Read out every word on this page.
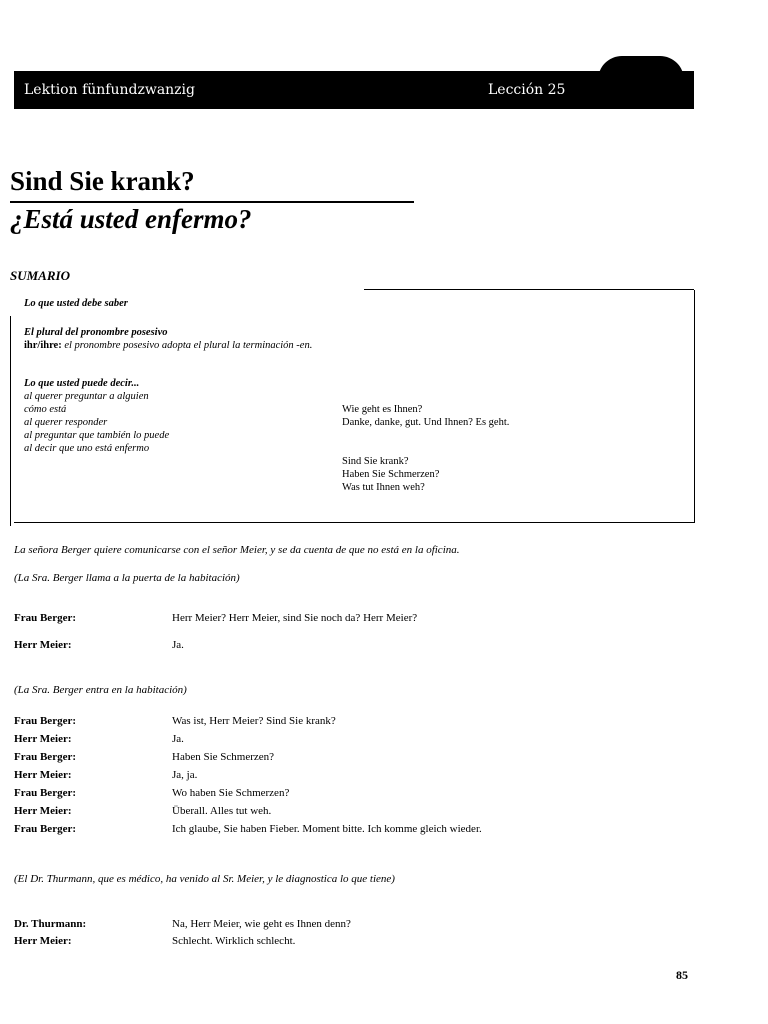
Lektion fünfundzwanzig	Lección 25
Sind Sie krank?
¿Está usted enfermo?
SUMARIO
Lo que usted debe saber
El plural del pronombre posesivo
ihr/ihre: el pronombre posesivo adopta el plural la terminación -en.
Lo que usted puede decir...
al querer preguntar a alguien
cómo está
al querer responder
al preguntar que también lo puede
al decir que uno está enfermo
Wie geht es Ihnen?
Danke, danke, gut. Und Ihnen? Es geht.
Sind Sie krank?
Haben Sie Schmerzen?
Was tut Ihnen weh?
La señora Berger quiere comunicarse con el señor Meier, y se da cuenta de que no está en la oficina.
(La Sra. Berger llama a la puerta de la habitación)
Frau Berger:	Herr Meier? Herr Meier, sind Sie noch da? Herr Meier?
Herr Meier:	Ja.
(La Sra. Berger entra en la habitación)
Frau Berger:	Was ist, Herr Meier? Sind Sie krank?
Herr Meier:	Ja.
Frau Berger:	Haben Sie Schmerzen?
Herr Meier:	Ja, ja.
Frau Berger:	Wo haben Sie Schmerzen?
Herr Meier:	Überall. Alles tut weh.
Frau Berger:	Ich glaube, Sie haben Fieber. Moment bitte. Ich komme gleich wieder.
(El Dr. Thurmann, que es médico, ha venido al Sr. Meier, y le diagnostica lo que tiene)
Dr. Thurmann:	Na, Herr Meier, wie geht es Ihnen denn?
Herr Meier:	Schlecht. Wirklich schlecht.
85
